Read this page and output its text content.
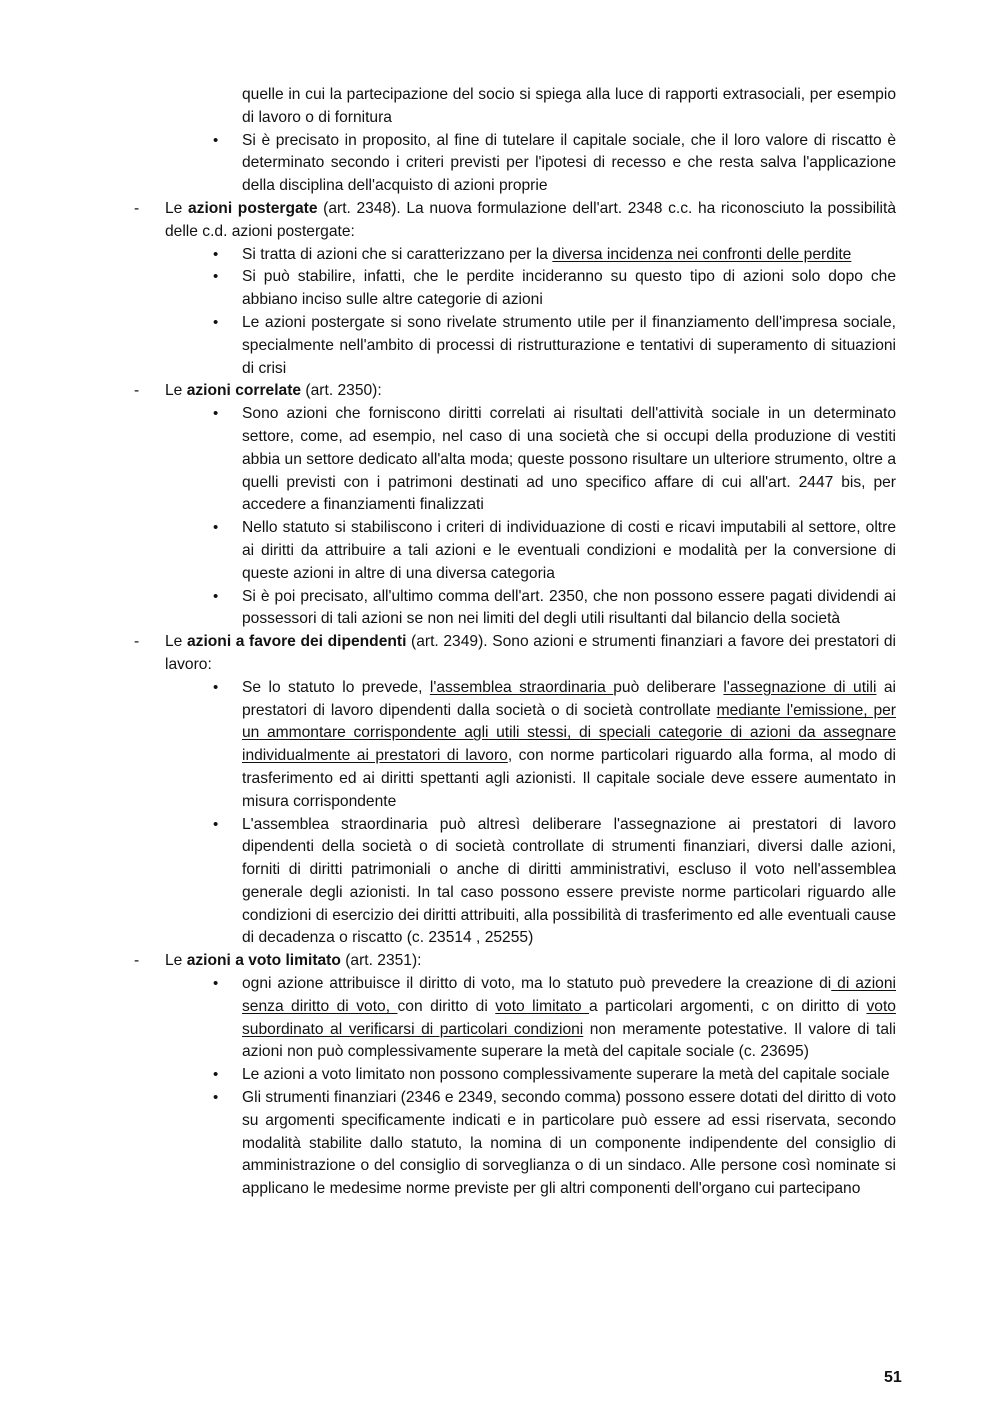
quelle in cui la partecipazione del socio si spiega alla luce di rapporti extrasociali, per esempio di lavoro o di fornitura
• Si è precisato in proposito, al fine di tutelare il capitale sociale, che il loro valore di riscatto è determinato secondo i criteri previsti per l'ipotesi di recesso e che resta salva l'applicazione della disciplina dell'acquisto di azioni proprie
- Le azioni postergate (art. 2348). La nuova formulazione dell'art. 2348 c.c. ha riconosciuto la possibilità delle c.d. azioni postergate:
• Si tratta di azioni che si caratterizzano per la diversa incidenza nei confronti delle perdite
• Si può stabilire, infatti, che le perdite incideranno su questo tipo di azioni solo dopo che abbiano inciso sulle altre categorie di azioni
• Le azioni postergate si sono rivelate strumento utile per il finanziamento dell'impresa sociale, specialmente nell'ambito di processi di ristrutturazione e tentativi di superamento di situazioni di crisi
- Le azioni correlate (art. 2350):
• Sono azioni che forniscono diritti correlati ai risultati dell'attività sociale in un determinato settore, come, ad esempio, nel caso di una società che si occupi della produzione di vestiti abbia un settore dedicato all'alta moda; queste possono risultare un ulteriore strumento, oltre a quelli previsti con i patrimoni destinati ad uno specifico affare di cui all'art. 2447 bis, per accedere a finanziamenti finalizzati
• Nello statuto si stabiliscono i criteri di individuazione di costi e ricavi imputabili al settore, oltre ai diritti da attribuire a tali azioni e le eventuali condizioni e modalità per la conversione di queste azioni in altre di una diversa categoria
• Si è poi precisato, all'ultimo comma dell'art. 2350, che non possono essere pagati dividendi ai possessori di tali azioni se non nei limiti del degli utili risultanti dal bilancio della società
- Le azioni a favore dei dipendenti (art. 2349). Sono azioni e strumenti finanziari a favore dei prestatori di lavoro:
• Se lo statuto lo prevede, l'assemblea straordinaria può deliberare l'assegnazione di utili ai prestatori di lavoro dipendenti dalla società o di società controllate mediante l'emissione, per un ammontare corrispondente agli utili stessi, di speciali categorie di azioni da assegnare individualmente ai prestatori di lavoro, con norme particolari riguardo alla forma, al modo di trasferimento ed ai diritti spettanti agli azionisti. Il capitale sociale deve essere aumentato in misura corrispondente
• L'assemblea straordinaria può altresì deliberare l'assegnazione ai prestatori di lavoro dipendenti della società o di società controllate di strumenti finanziari, diversi dalle azioni, forniti di diritti patrimoniali o anche di diritti amministrativi, escluso il voto nell'assemblea generale degli azionisti. In tal caso possono essere previste norme particolari riguardo alle condizioni di esercizio dei diritti attribuiti, alla possibilità di trasferimento ed alle eventuali cause di decadenza o riscatto (c. 23514 , 25255)
- Le azioni a voto limitato (art. 2351):
• ogni azione attribuisce il diritto di voto, ma lo statuto può prevedere la creazione di di azioni senza diritto di voto, con diritto di voto limitato a particolari argomenti, c on diritto di voto subordinato al verificarsi di particolari condizioni non meramente potestative. Il valore di tali azioni non può complessivamente superare la metà del capitale sociale (c. 23695)
• Le azioni a voto limitato non possono complessivamente superare la metà del capitale sociale
• Gli strumenti finanziari (2346 e 2349, secondo comma) possono essere dotati del diritto di voto su argomenti specificamente indicati e in particolare può essere ad essi riservata, secondo modalità stabilite dallo statuto, la nomina di un componente indipendente del consiglio di amministrazione o del consiglio di sorveglianza o di un sindaco. Alle persone così nominate si applicano le medesime norme previste per gli altri componenti dell'organo cui partecipano
51
